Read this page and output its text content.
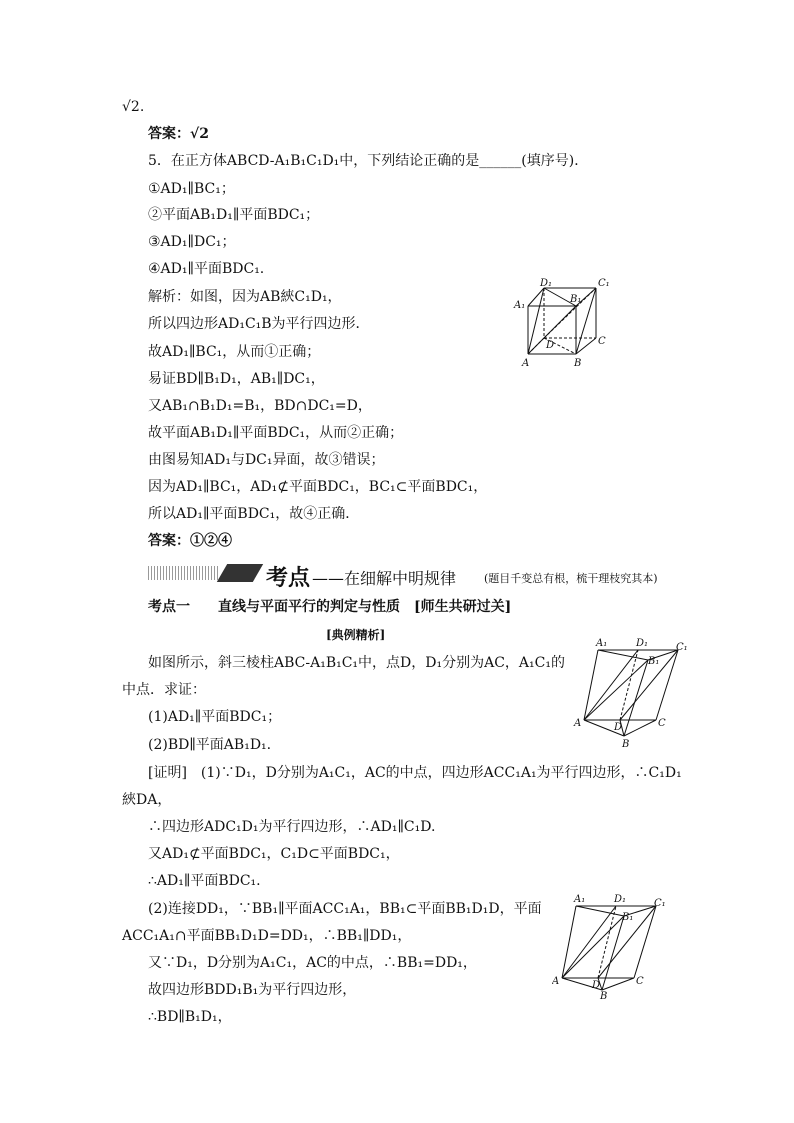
√2.
答案：√2
5．在正方体ABCD-A₁B₁C₁D₁中，下列结论正确的是______(填序号)．
①AD₁∥BC₁；
②平面AB₁D₁∥平面BDC₁；
③AD₁∥DC₁；
④AD₁∥平面BDC₁.
解析：如图，因为AB綊C₁D₁，
所以四边形AD₁C₁B为平行四边形．
故AD₁∥BC₁，从而①正确；
易证BD∥B₁D₁，AB₁∥DC₁，
又AB₁∩B₁D₁=B₁，BD∩DC₁=D，
故平面AB₁D₁∥平面BDC₁，从而②正确；
由图易知AD₁与DC₁异面，故③错误；
因为AD₁∥BC₁，AD₁⊄平面BDC₁，BC₁⊂平面BDC₁，
所以AD₁∥平面BDC₁，故④正确．
答案：①②④
D₁	C₁
A₁
B₁
D	C
A	B
考点 ——在细解中明规律	(题目千变总有根，梳干理枝究其本)
考点一　　直线与平面平行的判定与性质　[师生共研过关]
[典例精析]
如图所示，斜三棱柱ABC-A₁B₁C₁中，点D，D₁分别为AC，A₁C₁的
中点．求证：
(1)AD₁∥平面BDC₁；
(2)BD∥平面AB₁D₁.
[证明]　(1)∵D₁，D分别为A₁C₁，AC的中点，四边形ACC₁A₁为平行四边形，∴C₁D₁
綊DA，
∴四边形ADC₁D₁为平行四边形，∴AD₁∥C₁D.
又AD₁⊄平面BDC₁，C₁D⊂平面BDC₁，
∴AD₁∥平面BDC₁.
(2)连接DD₁，∵BB₁∥平面ACC₁A₁，BB₁⊂平面BB₁D₁D，平面
ACC₁A₁∩平面BB₁D₁D=DD₁，∴BB₁∥DD₁，
又∵D₁，D分别为A₁C₁，AC的中点，∴BB₁=DD₁，
故四边形BDD₁B₁为平行四边形，
∴BD∥B₁D₁，
A₁	D₁
B₁
C₁
A	D	C
B
A₁	D₁
B₁
C₁
A	D	C
B
